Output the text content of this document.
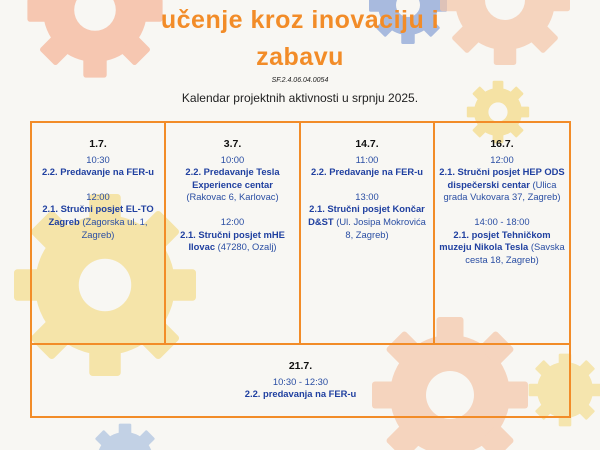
učenje kroz inovaciju i
zabavu
SF.2.4.06.04.0054
Kalendar projektnih aktivnosti u srpnju 2025.
1.7.
10:30
2.2. Predavanje na FER-u
12:00
2.1. Stručni posjet EL-TO Zagreb (Zagorska ul. 1, Zagreb)
3.7.
10:00
2.2. Predavanje Tesla Experience centar
(Rakovac 6, Karlovac)
12:00
2.1. Stručni posjet mHE Ilovac (47280, Ozalj)
14.7.
11:00
2.2. Predavanje na FER-u
13:00
2.1. Stručni posjet Končar D&ST (Ul. Josipa Mokrovića 8, Zagreb)
16.7.
12:00
2.1. Stručni posjet HEP ODS dispečerski centar (Ulica grada Vukovara 37, Zagreb)
14:00 - 18:00
2.1. posjet Tehničkom muzeju Nikola Tesla (Savska cesta 18, Zagreb)
21.7.
10:30 - 12:30
2.2. predavanja na FER-u
